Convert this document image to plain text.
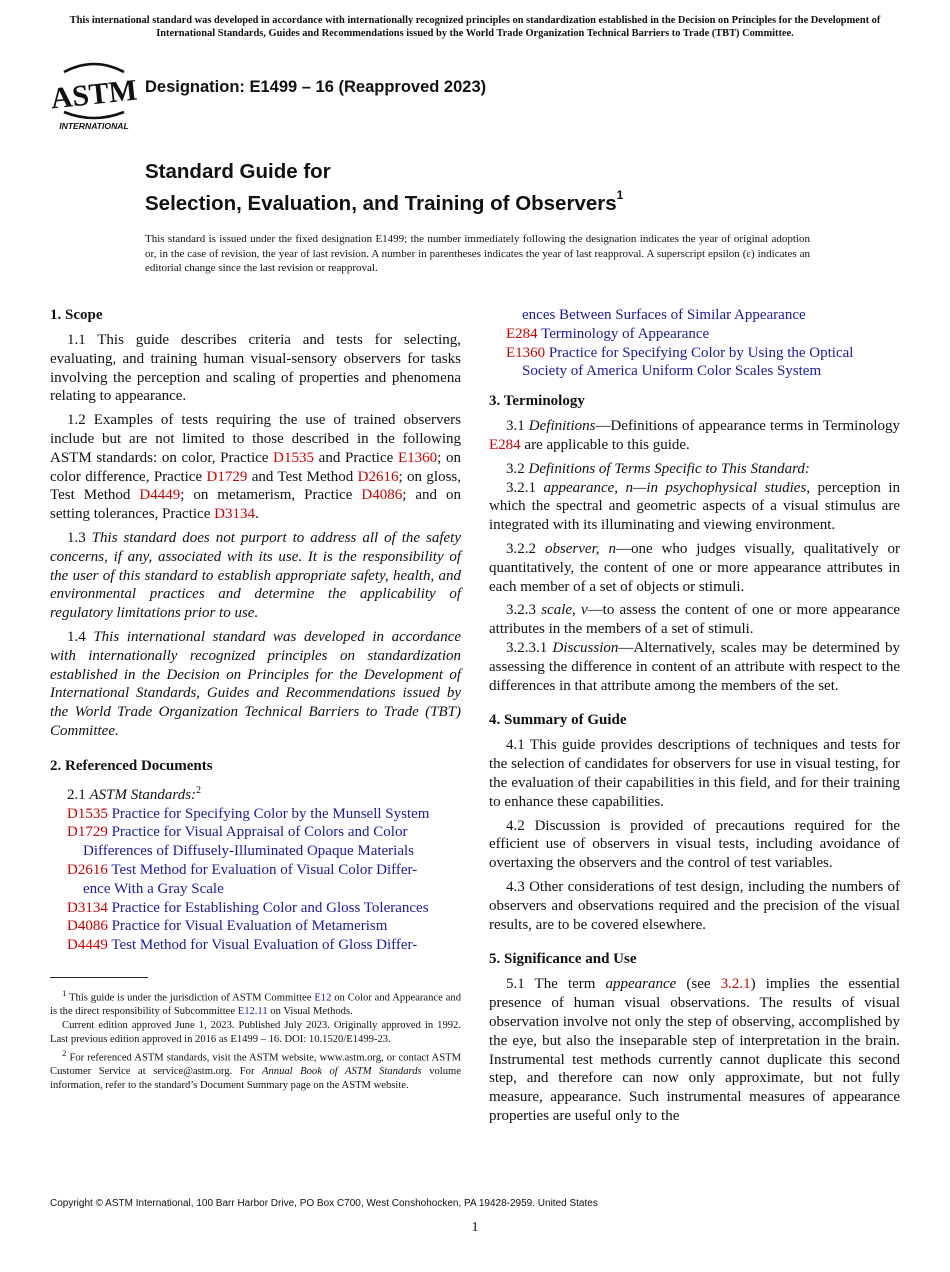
This international standard was developed in accordance with internationally recognized principles on standardization established in the Decision on Principles for the Development of International Standards, Guides and Recommendations issued by the World Trade Organization Technical Barriers to Trade (TBT) Committee.
ASTM
INTERNATIONAL
Designation: E1499 – 16 (Reapproved 2023)
Standard Guide for
Selection, Evaluation, and Training of Observers$^1$
This standard is issued under the fixed designation E1499; the number immediately following the designation indicates the year of original adoption or, in the case of revision, the year of last revision. A number in parentheses indicates the year of last reapproval. A superscript epsilon (ε) indicates an editorial change since the last revision or reapproval.
1. Scope

1.1 This guide describes criteria and tests for selecting, evaluating, and training human visual-sensory observers for tasks involving the perception and scaling of properties and phenomena relating to appearance.

1.2 Examples of tests requiring the use of trained observers include but are not limited to those described in the following ASTM standards: on color, Practice D1535 and Practice E1360; on color difference, Practice D1729 and Test Method D2616; on gloss, Test Method D4449; on metamerism, Practice D4086; and on setting tolerances, Practice D3134.

1.3 This standard does not purport to address all of the safety concerns, if any, associated with its use. It is the responsibility of the user of this standard to establish appropriate safety, health, and environmental practices and determine the applicability of regulatory limitations prior to use.

1.4 This international standard was developed in accordance with internationally recognized principles on standardization established in the Decision on Principles for the Development of International Standards, Guides and Recommendations issued by the World Trade Organization Technical Barriers to Trade (TBT) Committee.

2. Referenced Documents

2.1 ASTM Standards:$^2$

D1535 Practice for Specifying Color by the Munsell System

D1729 Practice for Visual Appraisal of Colors and Color
Differences of Diffusely-Illuminated Opaque Materials

D2616 Test Method for Evaluation of Visual Color Differ-
ence With a Gray Scale

D3134 Practice for Establishing Color and Gloss Tolerances

D4086 Practice for Visual Evaluation of Metamerism

D4449 Test Method for Visual Evaluation of Gloss Differ-

$^1$ This guide is under the jurisdiction of ASTM Committee E12 on Color and Appearance and is the direct responsibility of Subcommittee E12.11 on Visual Methods.

Current edition approved June 1, 2023. Published July 2023. Originally approved in 1992. Last previous edition approved in 2016 as E1499 – 16. DOI: 10.1520/E1499-23.

$^2$ For referenced ASTM standards, visit the ASTM website, www.astm.org, or contact ASTM Customer Service at service@astm.org. For Annual Book of ASTM Standards volume information, refer to the standard’s Document Summary page on the ASTM website.

ences Between Surfaces of Similar Appearance

E284 Terminology of Appearance

E1360 Practice for Specifying Color by Using the Optical
Society of America Uniform Color Scales System

3. Terminology

3.1 Definitions—Definitions of appearance terms in Terminology E284 are applicable to this guide.

3.2 Definitions of Terms Specific to This Standard:

3.2.1 appearance, n—in psychophysical studies, perception in which the spectral and geometric aspects of a visual stimulus are integrated with its illuminating and viewing environment.

3.2.2 observer, n—one who judges visually, qualitatively or quantitatively, the content of one or more appearance attributes in each member of a set of objects or stimuli.

3.2.3 scale, v—to assess the content of one or more appearance attributes in the members of a set of stimuli.

3.2.3.1 Discussion—Alternatively, scales may be determined by assessing the difference in content of an attribute with respect to the differences in that attribute among the members of the set.

4. Summary of Guide

4.1 This guide provides descriptions of techniques and tests for the selection of candidates for observers for use in visual testing, for the evaluation of their capabilities in this field, and for their training to enhance these capabilities.

4.2 Discussion is provided of precautions required for the efficient use of observers in visual tests, including avoidance of overtaxing the observers and the control of test variables.

4.3 Other considerations of test design, including the numbers of observers and observations required and the precision of the visual results, are to be covered elsewhere.

5. Significance and Use

5.1 The term appearance (see 3.2.1) implies the essential presence of human visual observations. The results of visual observation involve not only the step of observing, accomplished by the eye, but also the inseparable step of interpretation in the brain. Instrumental test methods currently cannot duplicate this second step, and therefore can now only approximate, but not fully measure, appearance. Such instrumental measures of appearance properties are useful only to the

Copyright © ASTM International, 100 Barr Harbor Drive, PO Box C700, West Conshohocken, PA 19428-2959. United States
1
